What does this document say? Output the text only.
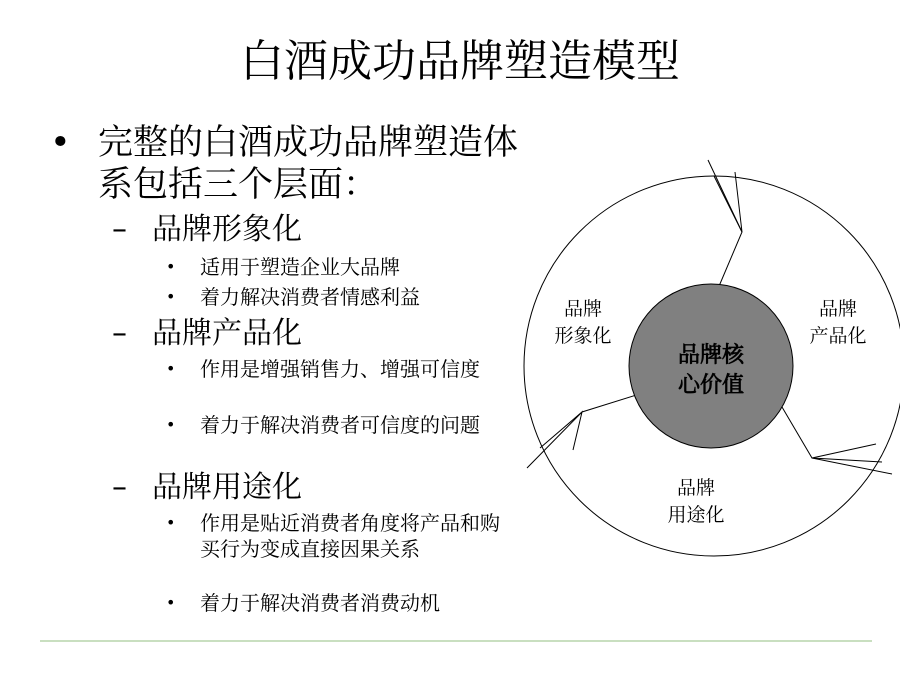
白酒成功品牌塑造模型
• 完整的白酒成功品牌塑造体系包括三个层面：
– 品牌形象化
• 适用于塑造企业大品牌
• 着力解决消费者情感利益
– 品牌产品化
• 作用是增强销售力、增强可信度
• 着力于解决消费者可信度的问题
– 品牌用途化
• 作用是贴近消费者角度将产品和购买行为变成直接因果关系
• 着力于解决消费者消费动机
品牌核
心价值
品牌
形象化
品牌
产品化
品牌
用途化
